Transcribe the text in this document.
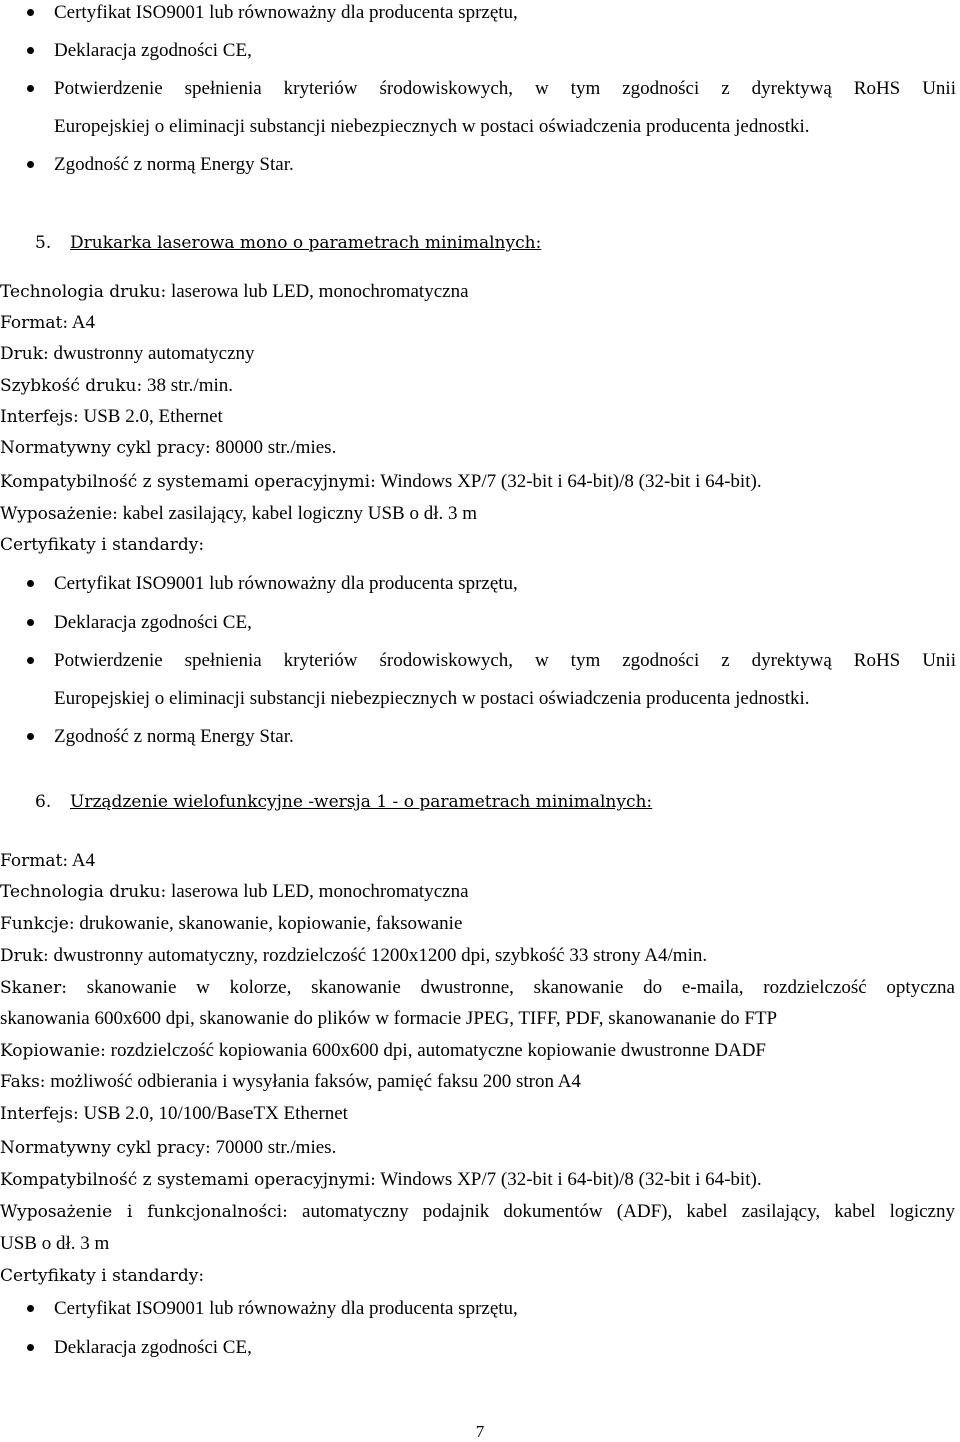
Certyfikat ISO9001 lub równoważny dla producenta sprzętu,
Deklaracja zgodności CE,
Potwierdzenie spełnienia kryteriów środowiskowych, w tym zgodności z dyrektywą RoHS Unii
Europejskiej o eliminacji substancji niebezpiecznych w postaci oświadczenia producenta jednostki.
Zgodność z normą Energy Star.
5. Drukarka laserowa mono o parametrach minimalnych:
Technologia druku: laserowa lub LED, monochromatyczna
Format: A4
Druk: dwustronny automatyczny
Szybkość druku: 38 str./min.
Interfejs: USB 2.0, Ethernet
Normatywny cykl pracy: 80000 str./mies.
Kompatybilność z systemami operacyjnymi: Windows XP/7 (32-bit i 64-bit)/8 (32-bit i 64-bit).
Wyposażenie: kabel zasilający, kabel logiczny USB o dł. 3 m
Certyfikaty i standardy:
Certyfikat ISO9001 lub równoważny dla producenta sprzętu,
Deklaracja zgodności CE,
Potwierdzenie spełnienia kryteriów środowiskowych, w tym zgodności z dyrektywą RoHS Unii
Europejskiej o eliminacji substancji niebezpiecznych w postaci oświadczenia producenta jednostki.
Zgodność z normą Energy Star.
6. Urządzenie wielofunkcyjne -wersja 1 - o parametrach minimalnych:
Format: A4
Technologia druku: laserowa lub LED, monochromatyczna
Funkcje: drukowanie, skanowanie, kopiowanie, faksowanie
Druk: dwustronny automatyczny, rozdzielczość 1200x1200 dpi, szybkość 33 strony A4/min.
Skaner: skanowanie w kolorze, skanowanie dwustronne, skanowanie do e-maila, rozdzielczość optyczna
skanowania 600x600 dpi, skanowanie do plików w formacie JPEG, TIFF, PDF, skanowananie do FTP
Kopiowanie: rozdzielczość kopiowania 600x600 dpi, automatyczne kopiowanie dwustronne DADF
Faks: możliwość odbierania i wysyłania faksów, pamięć faksu 200 stron A4
Interfejs: USB 2.0, 10/100/BaseTX Ethernet
Normatywny cykl pracy: 70000 str./mies.
Kompatybilność z systemami operacyjnymi: Windows XP/7 (32-bit i 64-bit)/8 (32-bit i 64-bit).
Wyposażenie i funkcjonalności: automatyczny podajnik dokumentów (ADF), kabel zasilający, kabel logiczny
USB o dł. 3 m
Certyfikaty i standardy:
Certyfikat ISO9001 lub równoważny dla producenta sprzętu,
Deklaracja zgodności CE,
7
